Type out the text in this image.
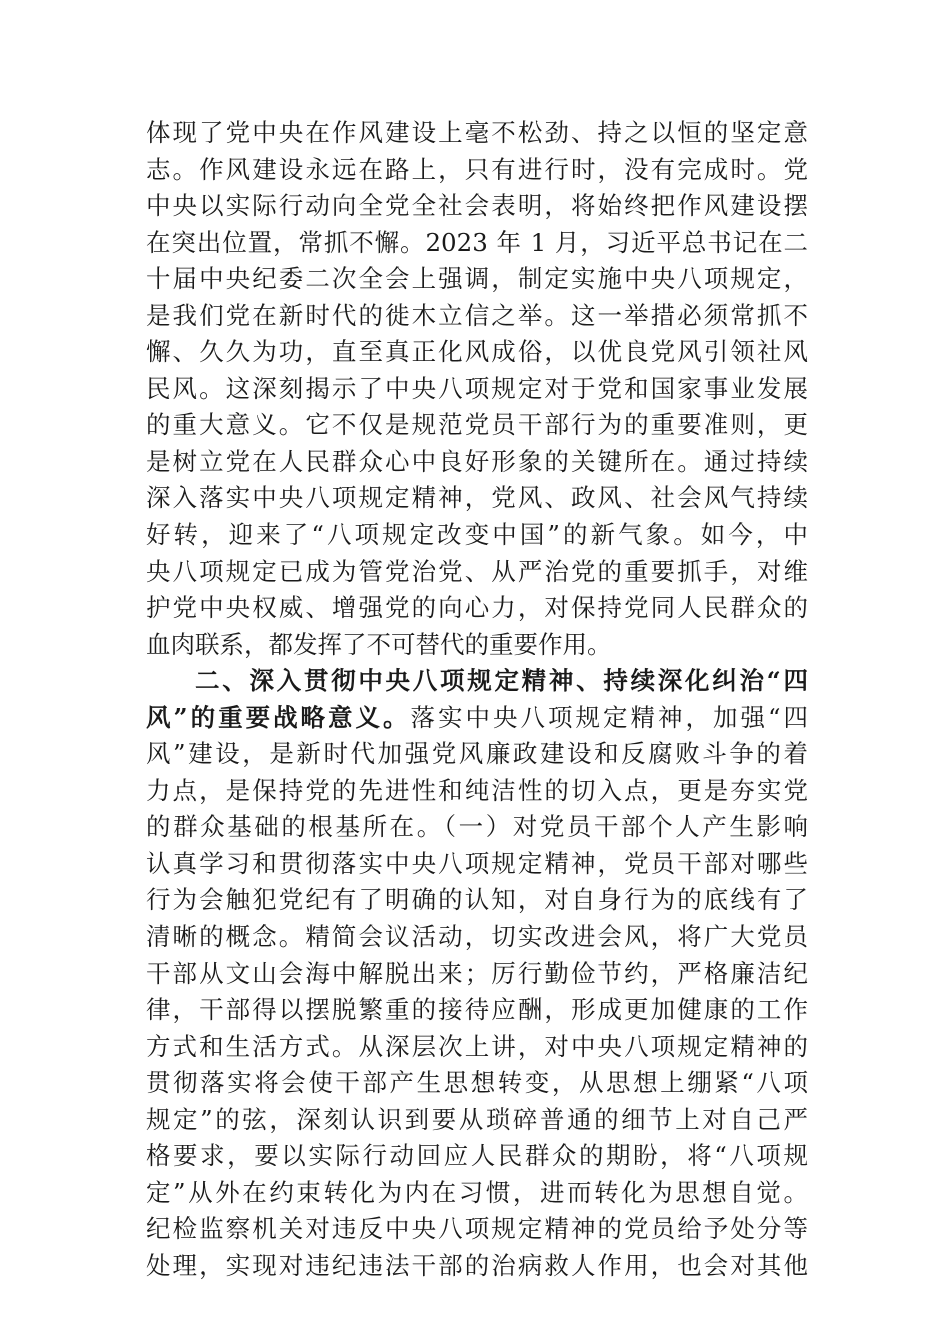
体现了党中央在作风建设上毫不松劲、持之以恒的坚定意
志。作风建设永远在路上，只有进行时，没有完成时。党
中央以实际行动向全党全社会表明，将始终把作风建设摆
在突出位置，常抓不懈。2023 年 1 月，习近平总书记在二
十届中央纪委二次全会上强调，制定实施中央八项规定，
是我们党在新时代的徙木立信之举。这一举措必须常抓不
懈、久久为功，直至真正化风成俗，以优良党风引领社风
民风。这深刻揭示了中央八项规定对于党和国家事业发展
的重大意义。它不仅是规范党员干部行为的重要准则，更
是树立党在人民群众心中良好形象的关键所在。通过持续
深入落实中央八项规定精神，党风、政风、社会风气持续
好转，迎来了“八项规定改变中国”的新气象。如今，中
央八项规定已成为管党治党、从严治党的重要抓手，对维
护党中央权威、增强党的向心力，对保持党同人民群众的
血肉联系，都发挥了不可替代的重要作用。
二、深入贯彻中央八项规定精神、持续深化纠治“四
风”的重要战略意义。落实中央八项规定精神，加强“四
风”建设，是新时代加强党风廉政建设和反腐败斗争的着
力点，是保持党的先进性和纯洁性的切入点，更是夯实党
的群众基础的根基所在。（一）对党员干部个人产生影响
认真学习和贯彻落实中央八项规定精神，党员干部对哪些
行为会触犯党纪有了明确的认知，对自身行为的底线有了
清晰的概念。精简会议活动，切实改进会风，将广大党员
干部从文山会海中解脱出来；厉行勤俭节约，严格廉洁纪
律，干部得以摆脱繁重的接待应酬，形成更加健康的工作
方式和生活方式。从深层次上讲，对中央八项规定精神的
贯彻落实将会使干部产生思想转变，从思想上绷紧“八项
规定”的弦，深刻认识到要从琐碎普通的细节上对自己严
格要求，要以实际行动回应人民群众的期盼，将“八项规
定”从外在约束转化为内在习惯，进而转化为思想自觉。
纪检监察机关对违反中央八项规定精神的党员给予处分等
处理，实现对违纪违法干部的治病救人作用，也会对其他
